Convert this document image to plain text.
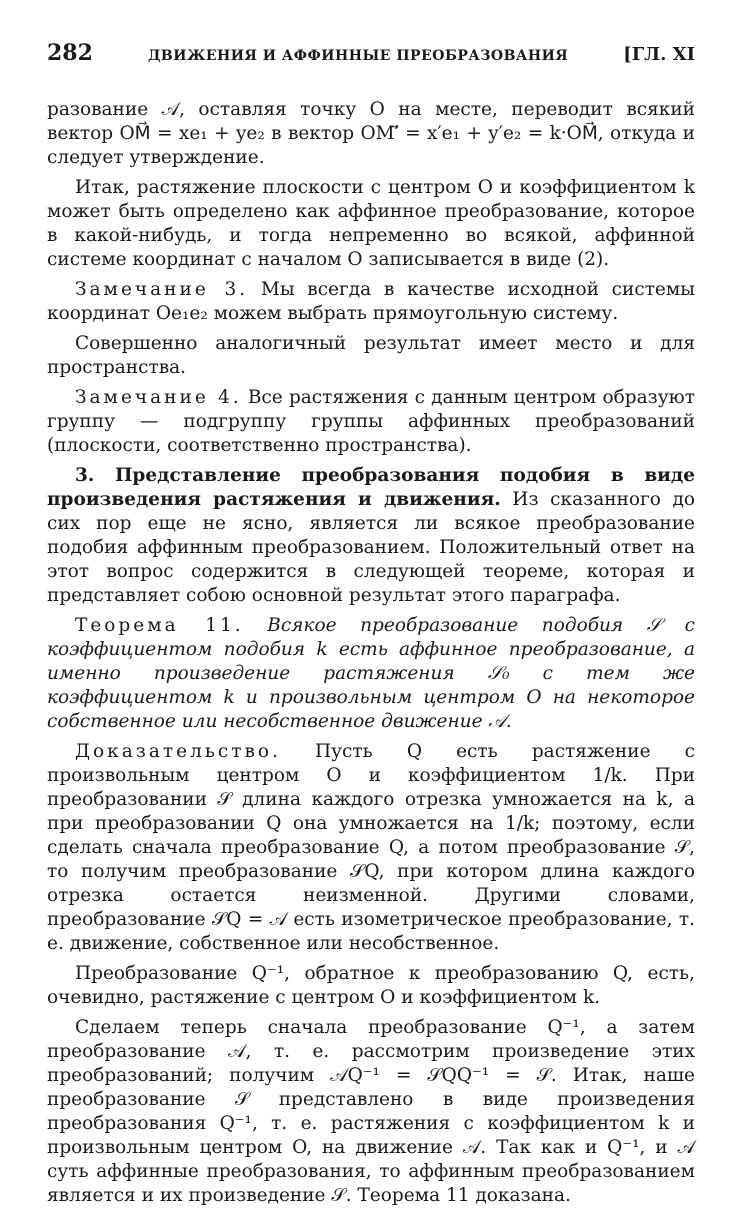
282	ДВИЖЕНИЯ И АФФИННЫЕ ПРЕОБРАЗОВАНИЯ	[ГЛ. XI

разование 𝒜, оставляя точку O на месте, переводит всякий вектор OM⃗ = xe₁ + ye₂ в вектор OM′⃗ = x′e₁ + y′e₂ = k·OM⃗, откуда и следует утверждение.

Итак, растяжение плоскости с центром O и коэффициентом k может быть определено как аффинное преобразование, которое в какой-нибудь, и тогда непременно во всякой, аффинной системе координат с началом O записывается в виде (2).

Замечание 3. Мы всегда в качестве исходной системы координат Oe₁e₂ можем выбрать прямоугольную систему.

Совершенно аналогичный результат имеет место и для пространства.

Замечание 4. Все растяжения с данным центром образуют группу — подгруппу группы аффинных преобразований (плоскости, соответственно пространства).

3. Представление преобразования подобия в виде произведения растяжения и движения. Из сказанного до сих пор еще не ясно, является ли всякое преобразование подобия аффинным преобразованием. Положительный ответ на этот вопрос содержится в следующей теореме, которая и представляет собою основной результат этого параграфа.

Теорема 11. Всякое преобразование подобия 𝒮 с коэффициентом подобия k есть аффинное преобразование, а именно произведение растяжения 𝒮₀ с тем же коэффициентом k и произвольным центром O на некоторое собственное или несобственное движение 𝒜.

Доказательство. Пусть Q есть растяжение с произвольным центром O и коэффициентом 1/k. При преобразовании 𝒮 длина каждого отрезка умножается на k, а при преобразовании Q она умножается на 1/k; поэтому, если сделать сначала преобразование Q, а потом преобразование 𝒮, то получим преобразование 𝒮Q, при котором длина каждого отрезка остается неизменной. Другими словами, преобразование 𝒮Q = 𝒜 есть изометрическое преобразование, т. е. движение, собственное или несобственное.

Преобразование Q⁻¹, обратное к преобразованию Q, есть, очевидно, растяжение с центром O и коэффициентом k.

Сделаем теперь сначала преобразование Q⁻¹, а затем преобразование 𝒜, т. е. рассмотрим произведение этих преобразований; получим 𝒜Q⁻¹ = 𝒮QQ⁻¹ = 𝒮. Итак, наше преобразование 𝒮 представлено в виде произведения преобразования Q⁻¹, т. е. растяжения с коэффициентом k и произвольным центром O, на движение 𝒜. Так как и Q⁻¹, и 𝒜 суть аффинные преобразования, то аффинным преобразованием является и их произведение 𝒮. Теорема 11 доказана.
